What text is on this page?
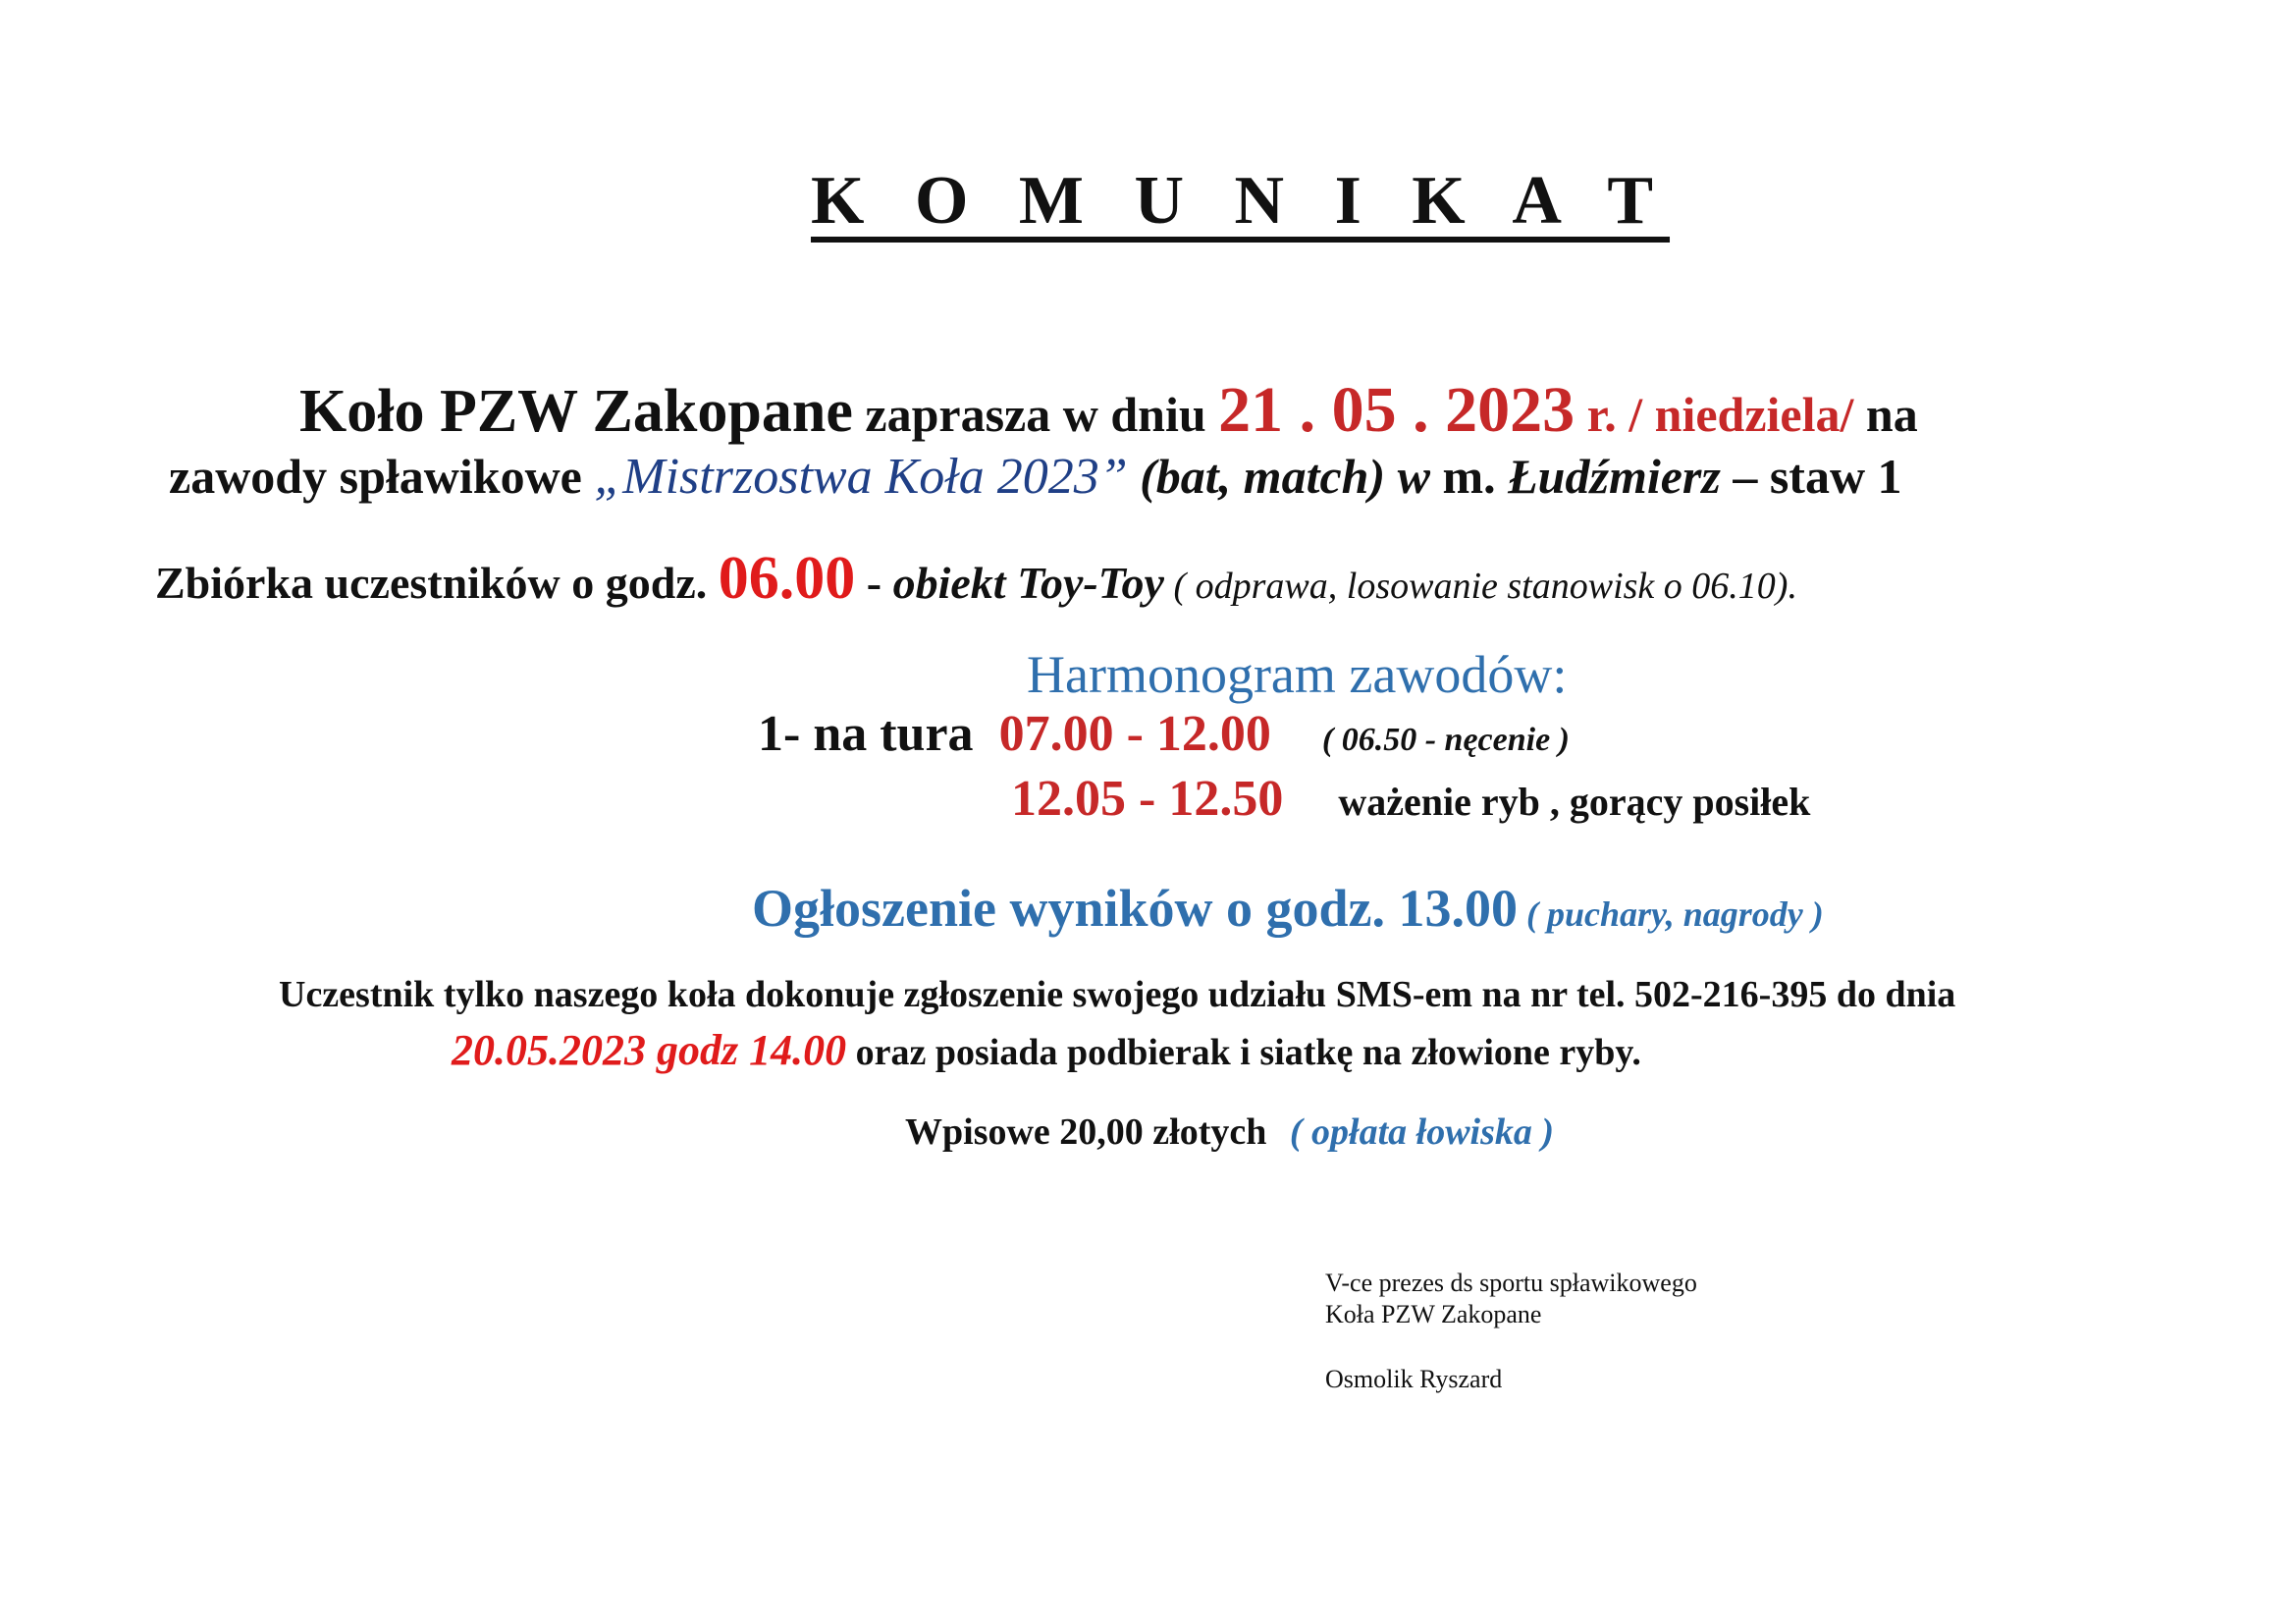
K O M U N I K A T
Koło PZW Zakopane zaprasza w dniu 21 . 05 . 2023 r. / niedziela/ na
zawody spławikowe „Mistrzostwa Koła 2023” (bat, match) w m. Łudźmierz – staw 1
Zbiórka uczestników o godz. 06.00 - obiekt Toy-Toy ( odprawa, losowanie stanowisk o 06.10).
Harmonogram zawodów:
1- na tura 07.00 - 12.00 ( 06.50 - nęcenie )
12.05 - 12.50 ważenie ryb , gorący posiłek
Ogłoszenie wyników o godz. 13.00 ( puchary, nagrody )
Uczestnik tylko naszego koła dokonuje zgłoszenie swojego udziału SMS-em na nr tel. 502-216-395 do dnia
20.05.2023 godz 14.00 oraz posiada podbierak i siatkę na złowione ryby.
Wpisowe 20,00 złotych ( opłata łowiska )
V-ce prezes ds sportu spławikowego
Koła PZW Zakopane
Osmolik Ryszard
